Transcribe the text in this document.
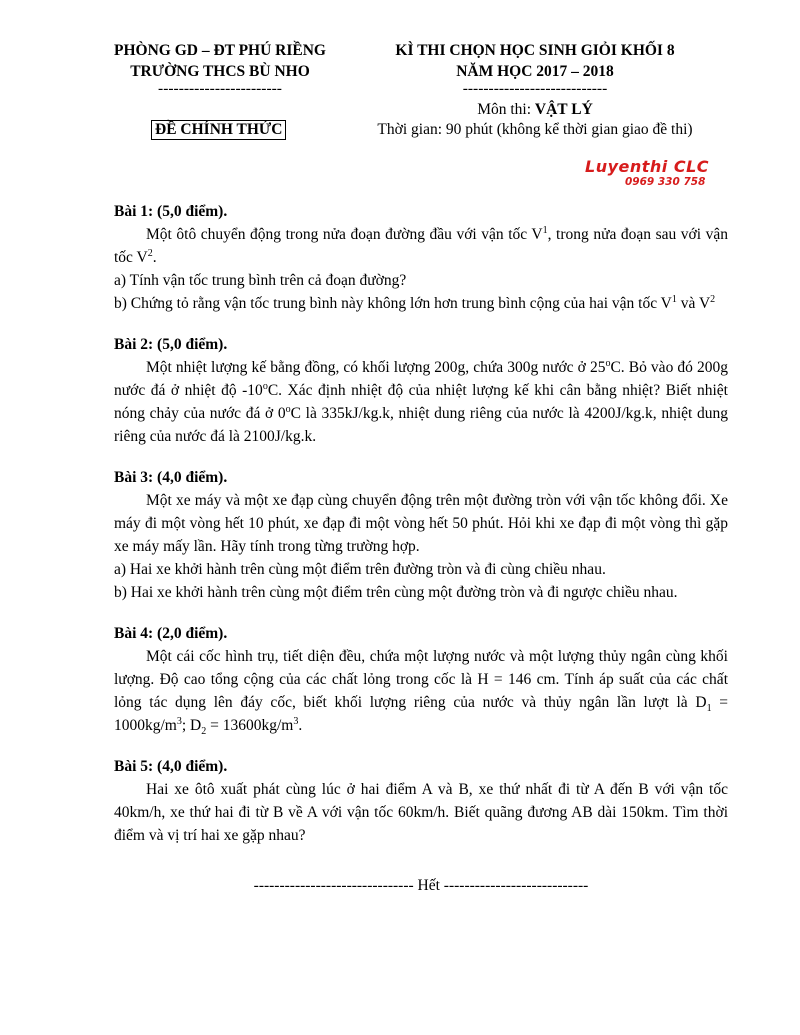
PHÒNG GD – ĐT PHÚ RIỀNG
TRƯỜNG THCS BÙ NHO
------------------------
KÌ THI CHỌN HỌC SINH GIỎI KHỐI 8
NĂM HỌC 2017 – 2018
----------------------------
Môn thi: VẬT LÝ
Thời gian: 90 phút (không kể thời gian giao đề thi)
ĐỀ CHÍNH THỨC
Luyenthi CLC
0969 330 758

Bài 1: (5,0 điểm).

Một ôtô chuyển động trong nửa đoạn đường đầu với vận tốc $V^1$, trong nửa đoạn sau với vận tốc $V^2$.

a) Tính vận tốc trung bình trên cả đoạn đường?

b) Chứng tỏ rằng vận tốc trung bình này không lớn hơn trung bình cộng của hai vận tốc $V^1$ và $V^2$

Bài 2: (5,0 điểm).

Một nhiệt lượng kế bằng đồng, có khối lượng 200g, chứa 300g nước ở 25$^o$C. Bỏ vào đó 200g nước đá ở nhiệt độ -10$^o$C. Xác định nhiệt độ của nhiệt lượng kế khi cân bằng nhiệt? Biết nhiệt nóng chảy của nước đá ở 0$^o$C là 335kJ/kg.k, nhiệt dung riêng của nước là 4200J/kg.k, nhiệt dung riêng của nước đá là 2100J/kg.k.

Bài 3: (4,0 điểm).

Một xe máy và một xe đạp cùng chuyển động trên một đường tròn với vận tốc không đổi. Xe máy đi một vòng hết 10 phút, xe đạp đi một vòng hết 50 phút. Hỏi khi xe đạp đi một vòng thì gặp xe máy mấy lần. Hãy tính trong từng trường hợp.

a) Hai xe khởi hành trên cùng một điểm trên đường tròn và đi cùng chiều nhau.

b) Hai xe khởi hành trên cùng một điểm trên cùng một đường tròn và đi ngược chiều nhau.

Bài 4: (2,0 điểm).

Một cái cốc hình trụ, tiết diện đều, chứa một lượng nước và một lượng thủy ngân cùng khối lượng. Độ cao tổng cộng của các chất lỏng trong cốc là H = 146 cm. Tính áp suất của các chất lỏng tác dụng lên đáy cốc, biết khối lượng riêng của nước và thủy ngân lần lượt là $D_1 = 1000kg/m^3$; $D_2 = 13600kg/m^3$.

Bài 5: (4,0 điểm).

Hai xe ôtô xuất phát cùng lúc ở hai điểm A và B, xe thứ nhất đi từ A đến B với vận tốc 40km/h, xe thứ hai đi từ B về A với vận tốc 60km/h. Biết quãng đương AB dài 150km. Tìm thời điểm và vị trí hai xe gặp nhau?

------------------------------- Hết ----------------------------
